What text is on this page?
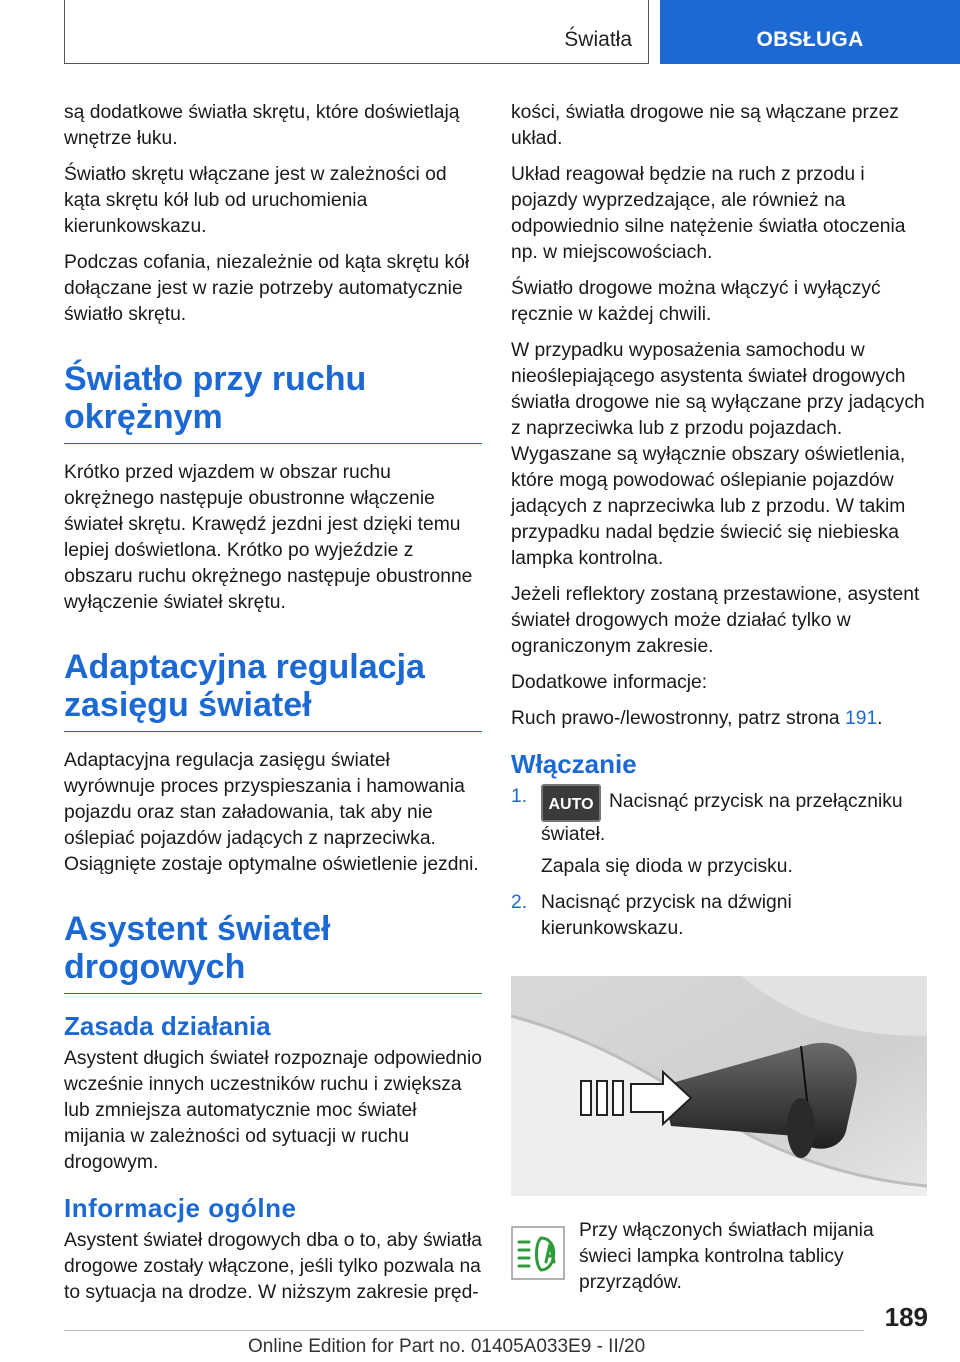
Światła	OBSŁUGA

są dodatkowe światła skrętu, które doświetlają wnętrze łuku.

Światło skrętu włączane jest w zależności od kąta skrętu kół lub od uruchomienia kierunkowskazu.

Podczas cofania, niezależnie od kąta skrętu kół dołączane jest w razie potrzeby automatycznie światło skrętu.

Światło przy ruchu okrężnym

Krótko przed wjazdem w obszar ruchu okrężnego następuje obustronne włączenie świateł skrętu. Krawędź jezdni jest dzięki temu lepiej doświetlona. Krótko po wyjeździe z obszaru ruchu okrężnego następuje obustronne wyłączenie świateł skrętu.

Adaptacyjna regulacja zasięgu świateł

Adaptacyjna regulacja zasięgu świateł wyrównuje proces przyspieszania i hamowania pojazdu oraz stan załadowania, tak aby nie oślepiać pojazdów jadących z naprzeciwka. Osiągnięte zostaje optymalne oświetlenie jezdni.

Asystent świateł drogowych
Zasada działania

Asystent długich świateł rozpoznaje odpowiednio wcześnie innych uczestników ruchu i zwiększa lub zmniejsza automatycznie moc świateł mijania w zależności od sytuacji w ruchu drogowym.

Informacje ogólne

Asystent świateł drogowych dba o to, aby światła drogowe zostały włączone, jeśli tylko pozwala na to sytuacja na drodze. W niższym zakresie pręd-

kości, światła drogowe nie są włączane przez układ.

Układ reagował będzie na ruch z przodu i pojazdy wyprzedzające, ale również na odpowiednio silne natężenie światła otoczenia np. w miejscowościach.

Światło drogowe można włączyć i wyłączyć ręcznie w każdej chwili.

W przypadku wyposażenia samochodu w nieoślepiającego asystenta świateł drogowych światła drogowe nie są wyłączane przy jadących z naprzeciwka lub z przodu pojazdach. Wygaszane są wyłącznie obszary oświetlenia, które mogą powodować oślepianie pojazdów jadących z naprzeciwka lub z przodu. W takim przypadku nadal będzie świecić się niebieska lampka kontrolna.

Jeżeli reflektory zostaną przestawione, asystent świateł drogowych może działać tylko w ograniczonym zakresie.

Dodatkowe informacje:

Ruch prawo-/lewostronny, patrz strona 191.

Włączanie
1.	AUTO Nacisnąć przycisk na przełączniku świateł.

Zapala się dioda w przycisku.

2. Nacisnąć przycisk na dźwigni kierunkowskazu.

Przy włączonych światłach mijania świeci lampka kontrolna tablicy przyrządów.

189
Online Edition for Part no. 01405A033E9 - II/20
